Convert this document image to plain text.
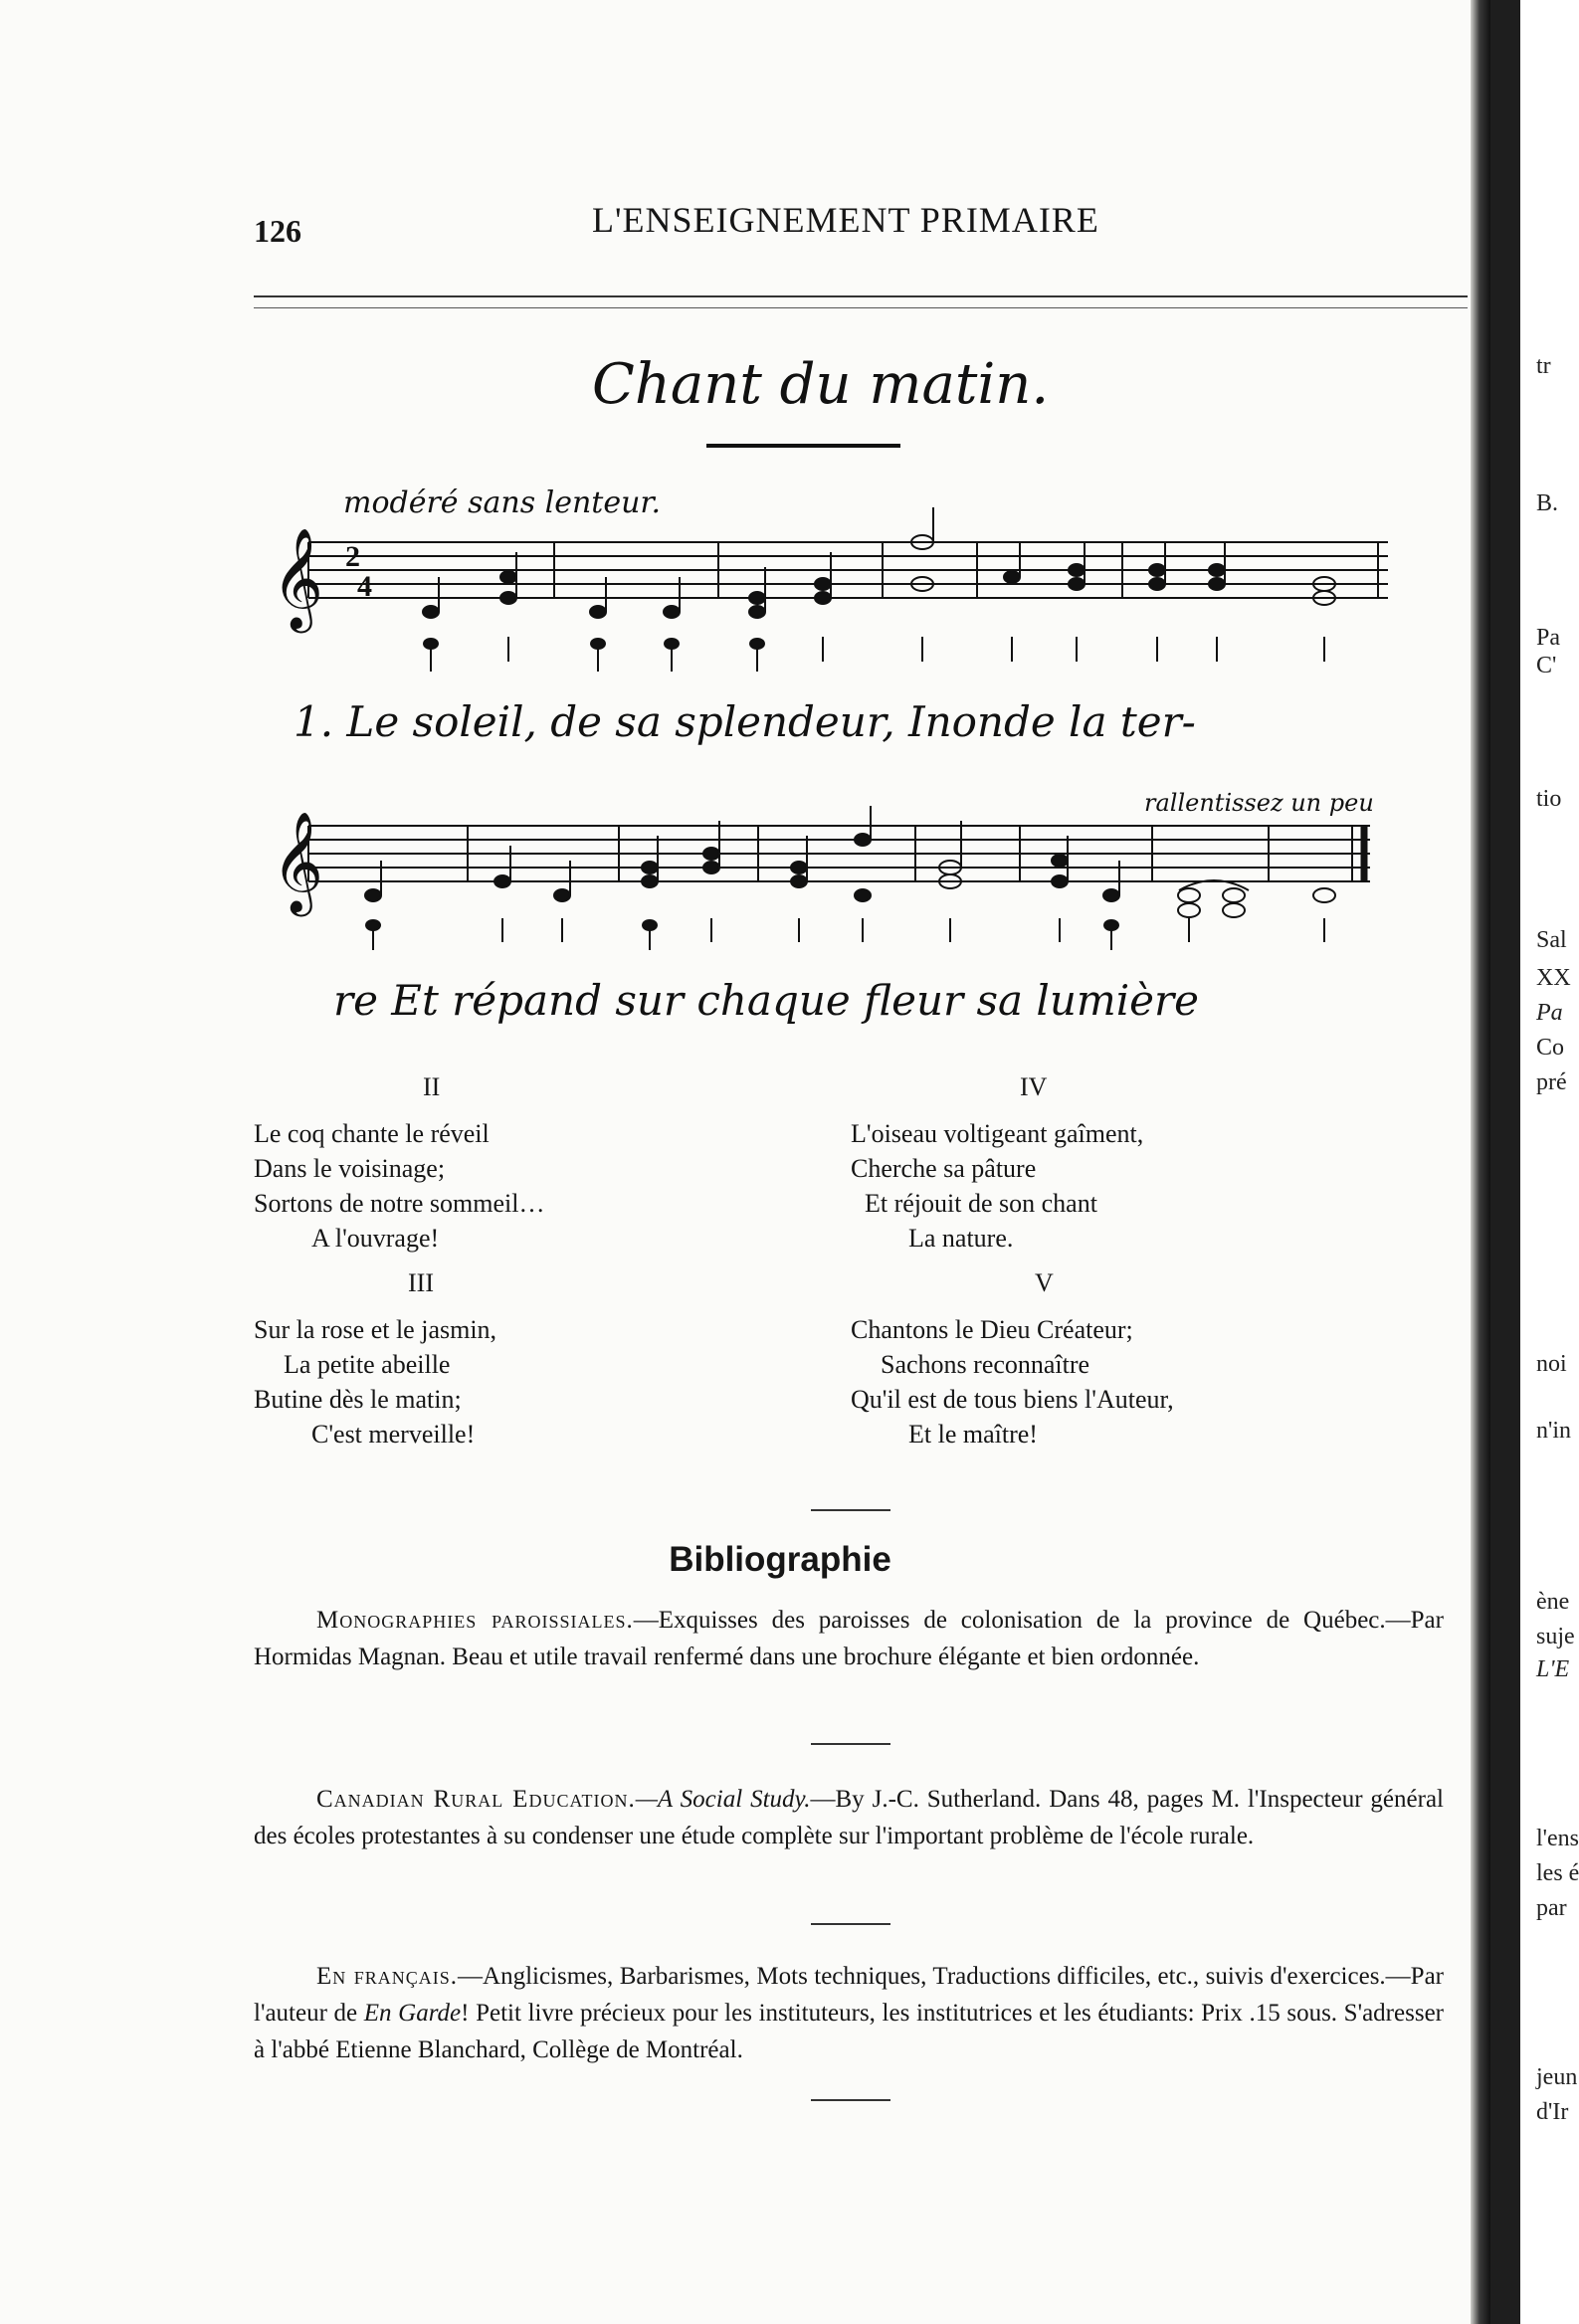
126	L'ENSEIGNEMENT PRIMAIRE
Chant du matin.
modéré sans lenteur.
𝄞 2
4
1. Le soleil, de sa splendeur, Inonde la ter-
rallentissez un peu
𝄞
re Et répand sur chaque fleur sa lumière
II
Le coq chante le réveil
Dans le voisinage;
Sortons de notre sommeil…
A l'ouvrage!
III
Sur la rose et le jasmin,
La petite abeille
Butine dès le matin;
C'est merveille!
IV
L'oiseau voltigeant gaîment,
Cherche sa pâture
Et réjouit de son chant
La nature.
V
Chantons le Dieu Créateur;
Sachons reconnaître
Qu'il est de tous biens l'Auteur,
Et le maître!
Bibliographie
Monographies paroissiales.—Exquisses des paroisses de colonisation de la province de Québec.—Par Hormidas Magnan. Beau et utile travail renfermé dans une brochure élégante et bien ordonnée.
Canadian Rural Education.—A Social Study.—By J.-C. Sutherland. Dans 48, pages M. l'Inspecteur général des écoles protestantes à su condenser une étude complète sur l'important problème de l'école rurale.
En français.—Anglicismes, Barbarismes, Mots techniques, Traductions difficiles, etc., suivis d'exercices.—Par l'auteur de En Garde! Petit livre précieux pour les instituteurs, les institutrices et les étudiants: Prix .15 sous. S'adresser à l'abbé Etienne Blanchard, Collège de Montréal.
tr
B.
Pa
C'
tio
Sal
XX
Pa
Co
pré
noi
n'in
ène
suje
L'E
l'ens
les é
par
jeun
d'Ir
